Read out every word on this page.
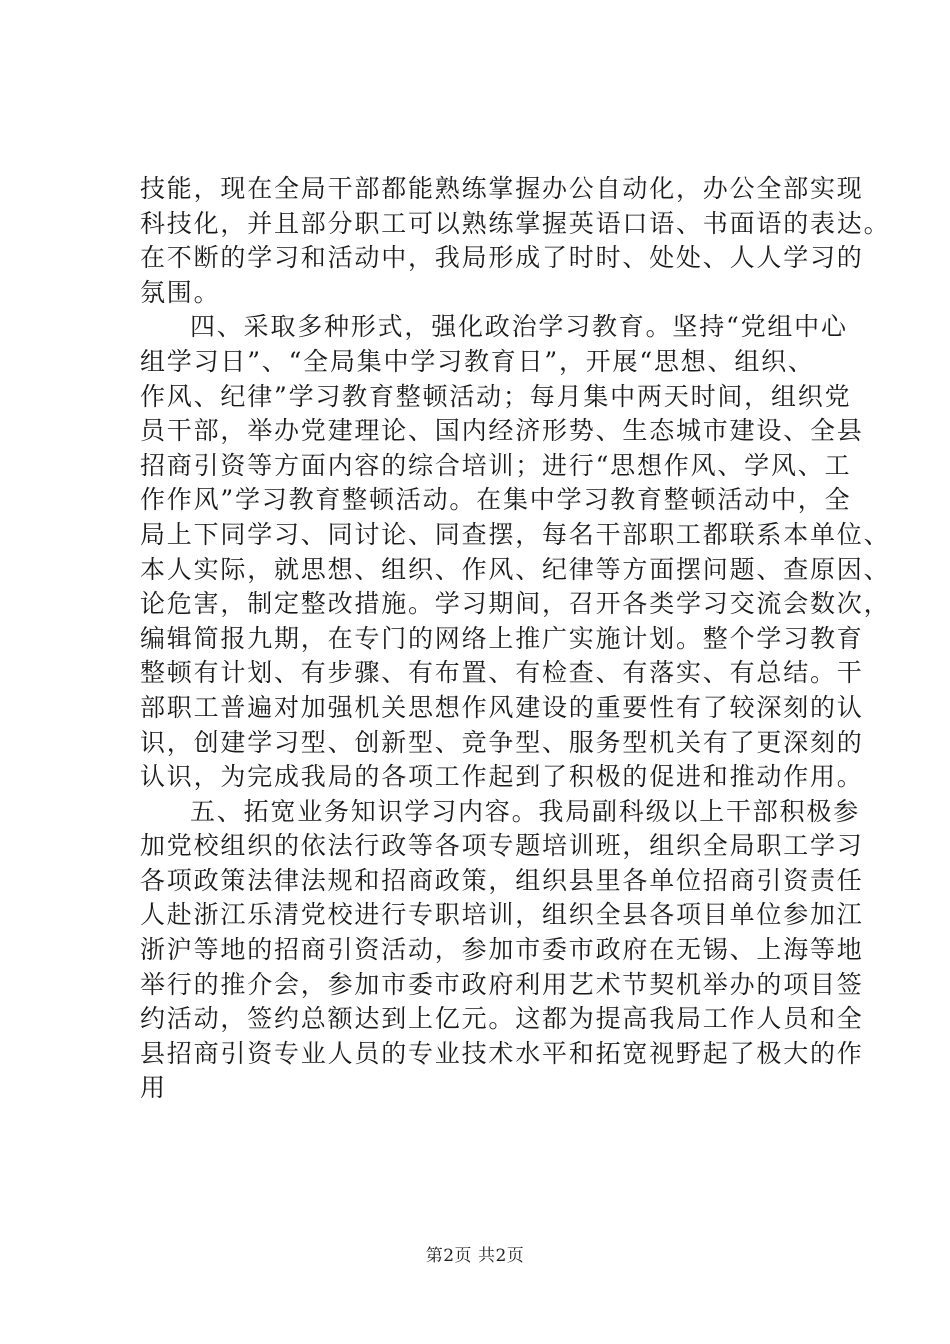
技能，现在全局干部都能熟练掌握办公自动化，办公全部实现
科技化，并且部分职工可以熟练掌握英语口语、书面语的表达。
在不断的学习和活动中，我局形成了时时、处处、人人学习的
氛围。
四、采取多种形式，强化政治学习教育。坚持“党组中心
组学习日”、“全局集中学习教育日”，开展“思想、组织、
作风、纪律”学习教育整顿活动；每月集中两天时间，组织党
员干部，举办党建理论、国内经济形势、生态城市建设、全县
招商引资等方面内容的综合培训；进行“思想作风、学风、工
作作风”学习教育整顿活动。在集中学习教育整顿活动中，全
局上下同学习、同讨论、同查摆，每名干部职工都联系本单位、
本人实际，就思想、组织、作风、纪律等方面摆问题、查原因、
论危害，制定整改措施。学习期间，召开各类学习交流会数次，
编辑简报九期，在专门的网络上推广实施计划。整个学习教育
整顿有计划、有步骤、有布置、有检查、有落实、有总结。干
部职工普遍对加强机关思想作风建设的重要性有了较深刻的认
识，创建学习型、创新型、竞争型、服务型机关有了更深刻的
认识，为完成我局的各项工作起到了积极的促进和推动作用。
五、拓宽业务知识学习内容。我局副科级以上干部积极参
加党校组织的依法行政等各项专题培训班，组织全局职工学习
各项政策法律法规和招商政策，组织县里各单位招商引资责任
人赴浙江乐清党校进行专职培训，组织全县各项目单位参加江
浙沪等地的招商引资活动，参加市委市政府在无锡、上海等地
举行的推介会，参加市委市政府利用艺术节契机举办的项目签
约活动，签约总额达到上亿元。这都为提高我局工作人员和全
县招商引资专业人员的专业技术水平和拓宽视野起了极大的作
用
第2页 共2页
